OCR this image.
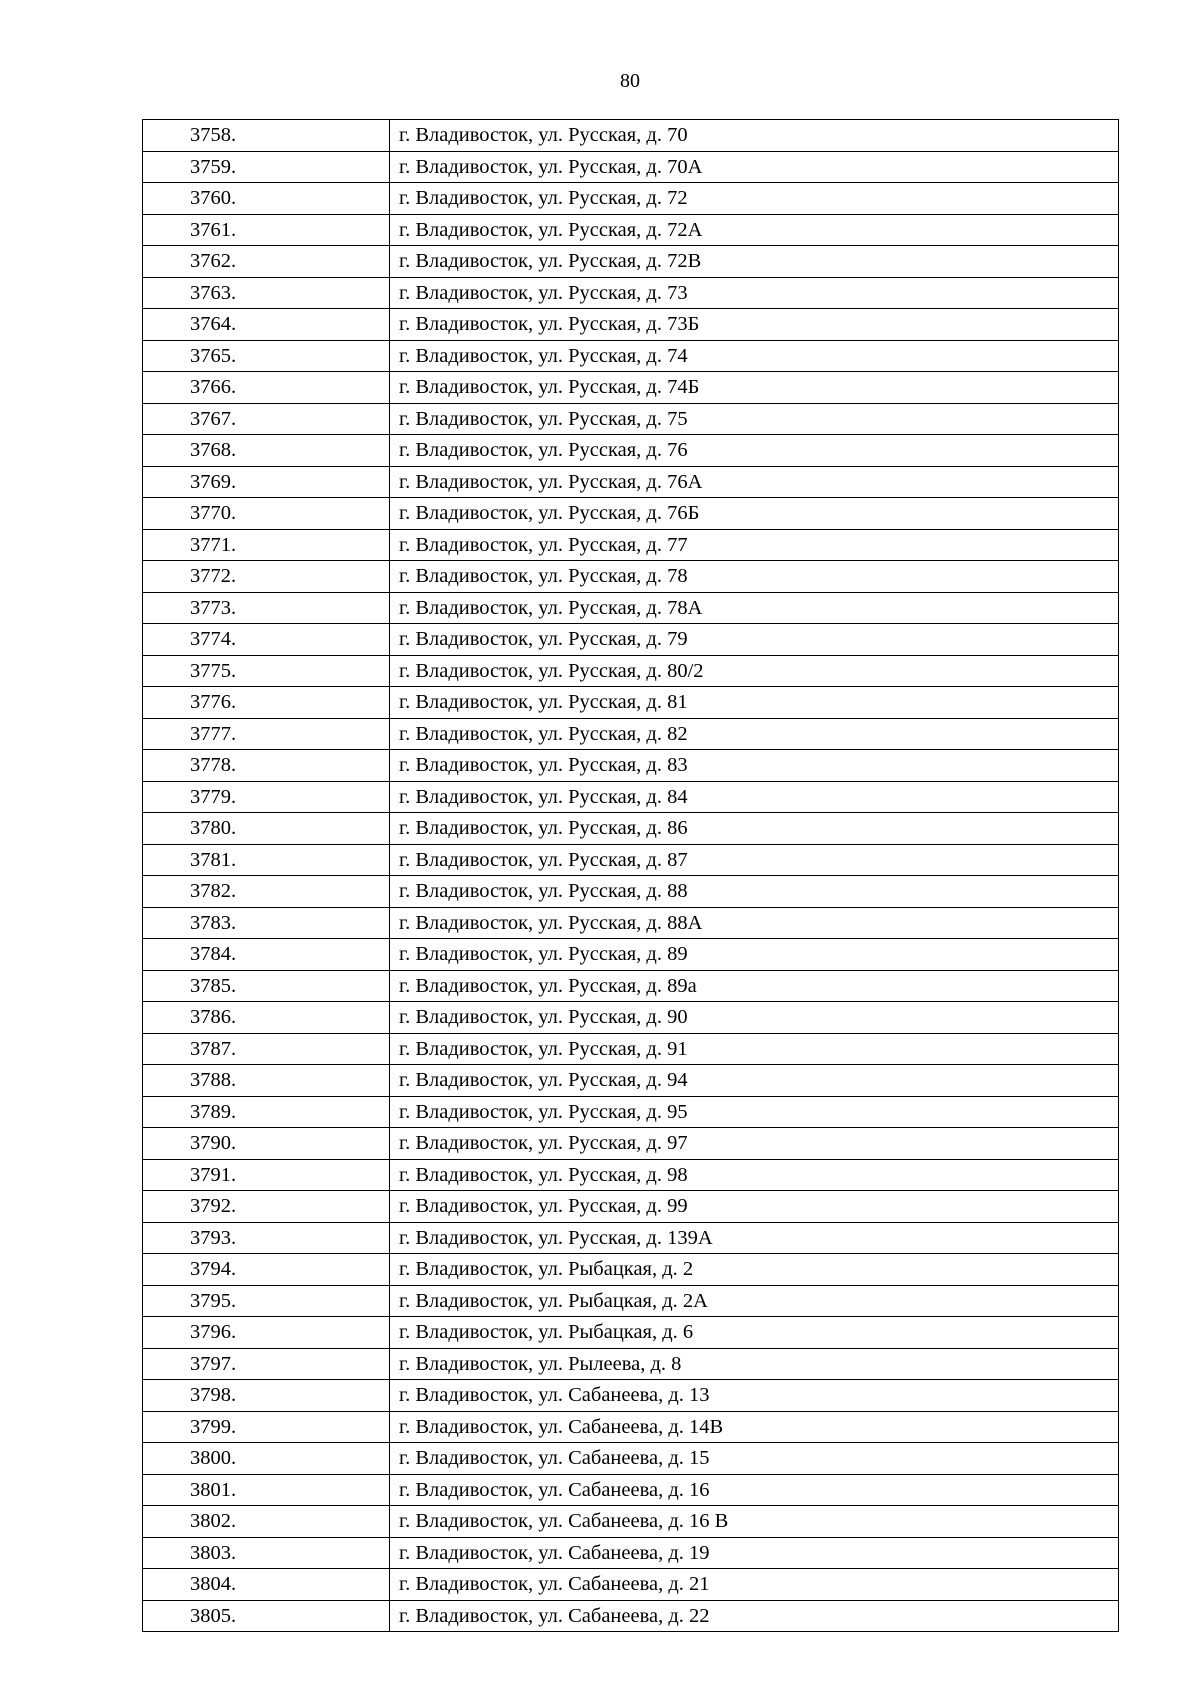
80
3758.	г. Владивосток, ул. Русская, д. 70
3759.	г. Владивосток, ул. Русская, д. 70А
3760.	г. Владивосток, ул. Русская, д. 72
3761.	г. Владивосток, ул. Русская, д. 72А
3762.	г. Владивосток, ул. Русская, д. 72В
3763.	г. Владивосток, ул. Русская, д. 73
3764.	г. Владивосток, ул. Русская, д. 73Б
3765.	г. Владивосток, ул. Русская, д. 74
3766.	г. Владивосток, ул. Русская, д. 74Б
3767.	г. Владивосток, ул. Русская, д. 75
3768.	г. Владивосток, ул. Русская, д. 76
3769.	г. Владивосток, ул. Русская, д. 76А
3770.	г. Владивосток, ул. Русская, д. 76Б
3771.	г. Владивосток, ул. Русская, д. 77
3772.	г. Владивосток, ул. Русская, д. 78
3773.	г. Владивосток, ул. Русская, д. 78А
3774.	г. Владивосток, ул. Русская, д. 79
3775.	г. Владивосток, ул. Русская, д. 80/2
3776.	г. Владивосток, ул. Русская, д. 81
3777.	г. Владивосток, ул. Русская, д. 82
3778.	г. Владивосток, ул. Русская, д. 83
3779.	г. Владивосток, ул. Русская, д. 84
3780.	г. Владивосток, ул. Русская, д. 86
3781.	г. Владивосток, ул. Русская, д. 87
3782.	г. Владивосток, ул. Русская, д. 88
3783.	г. Владивосток, ул. Русская, д. 88А
3784.	г. Владивосток, ул. Русская, д. 89
3785.	г. Владивосток, ул. Русская, д. 89а
3786.	г. Владивосток, ул. Русская, д. 90
3787.	г. Владивосток, ул. Русская, д. 91
3788.	г. Владивосток, ул. Русская, д. 94
3789.	г. Владивосток, ул. Русская, д. 95
3790.	г. Владивосток, ул. Русская, д. 97
3791.	г. Владивосток, ул. Русская, д. 98
3792.	г. Владивосток, ул. Русская, д. 99
3793.	г. Владивосток, ул. Русская, д. 139А
3794.	г. Владивосток, ул. Рыбацкая, д. 2
3795.	г. Владивосток, ул. Рыбацкая, д. 2А
3796.	г. Владивосток, ул. Рыбацкая, д. 6
3797.	г. Владивосток, ул. Рылеева, д. 8
3798.	г. Владивосток, ул. Сабанеева, д. 13
3799.	г. Владивосток, ул. Сабанеева, д. 14В
3800.	г. Владивосток, ул. Сабанеева, д. 15
3801.	г. Владивосток, ул. Сабанеева, д. 16
3802.	г. Владивосток, ул. Сабанеева, д. 16 В
3803.	г. Владивосток, ул. Сабанеева, д. 19
3804.	г. Владивосток, ул. Сабанеева, д. 21
3805.	г. Владивосток, ул. Сабанеева, д. 22
